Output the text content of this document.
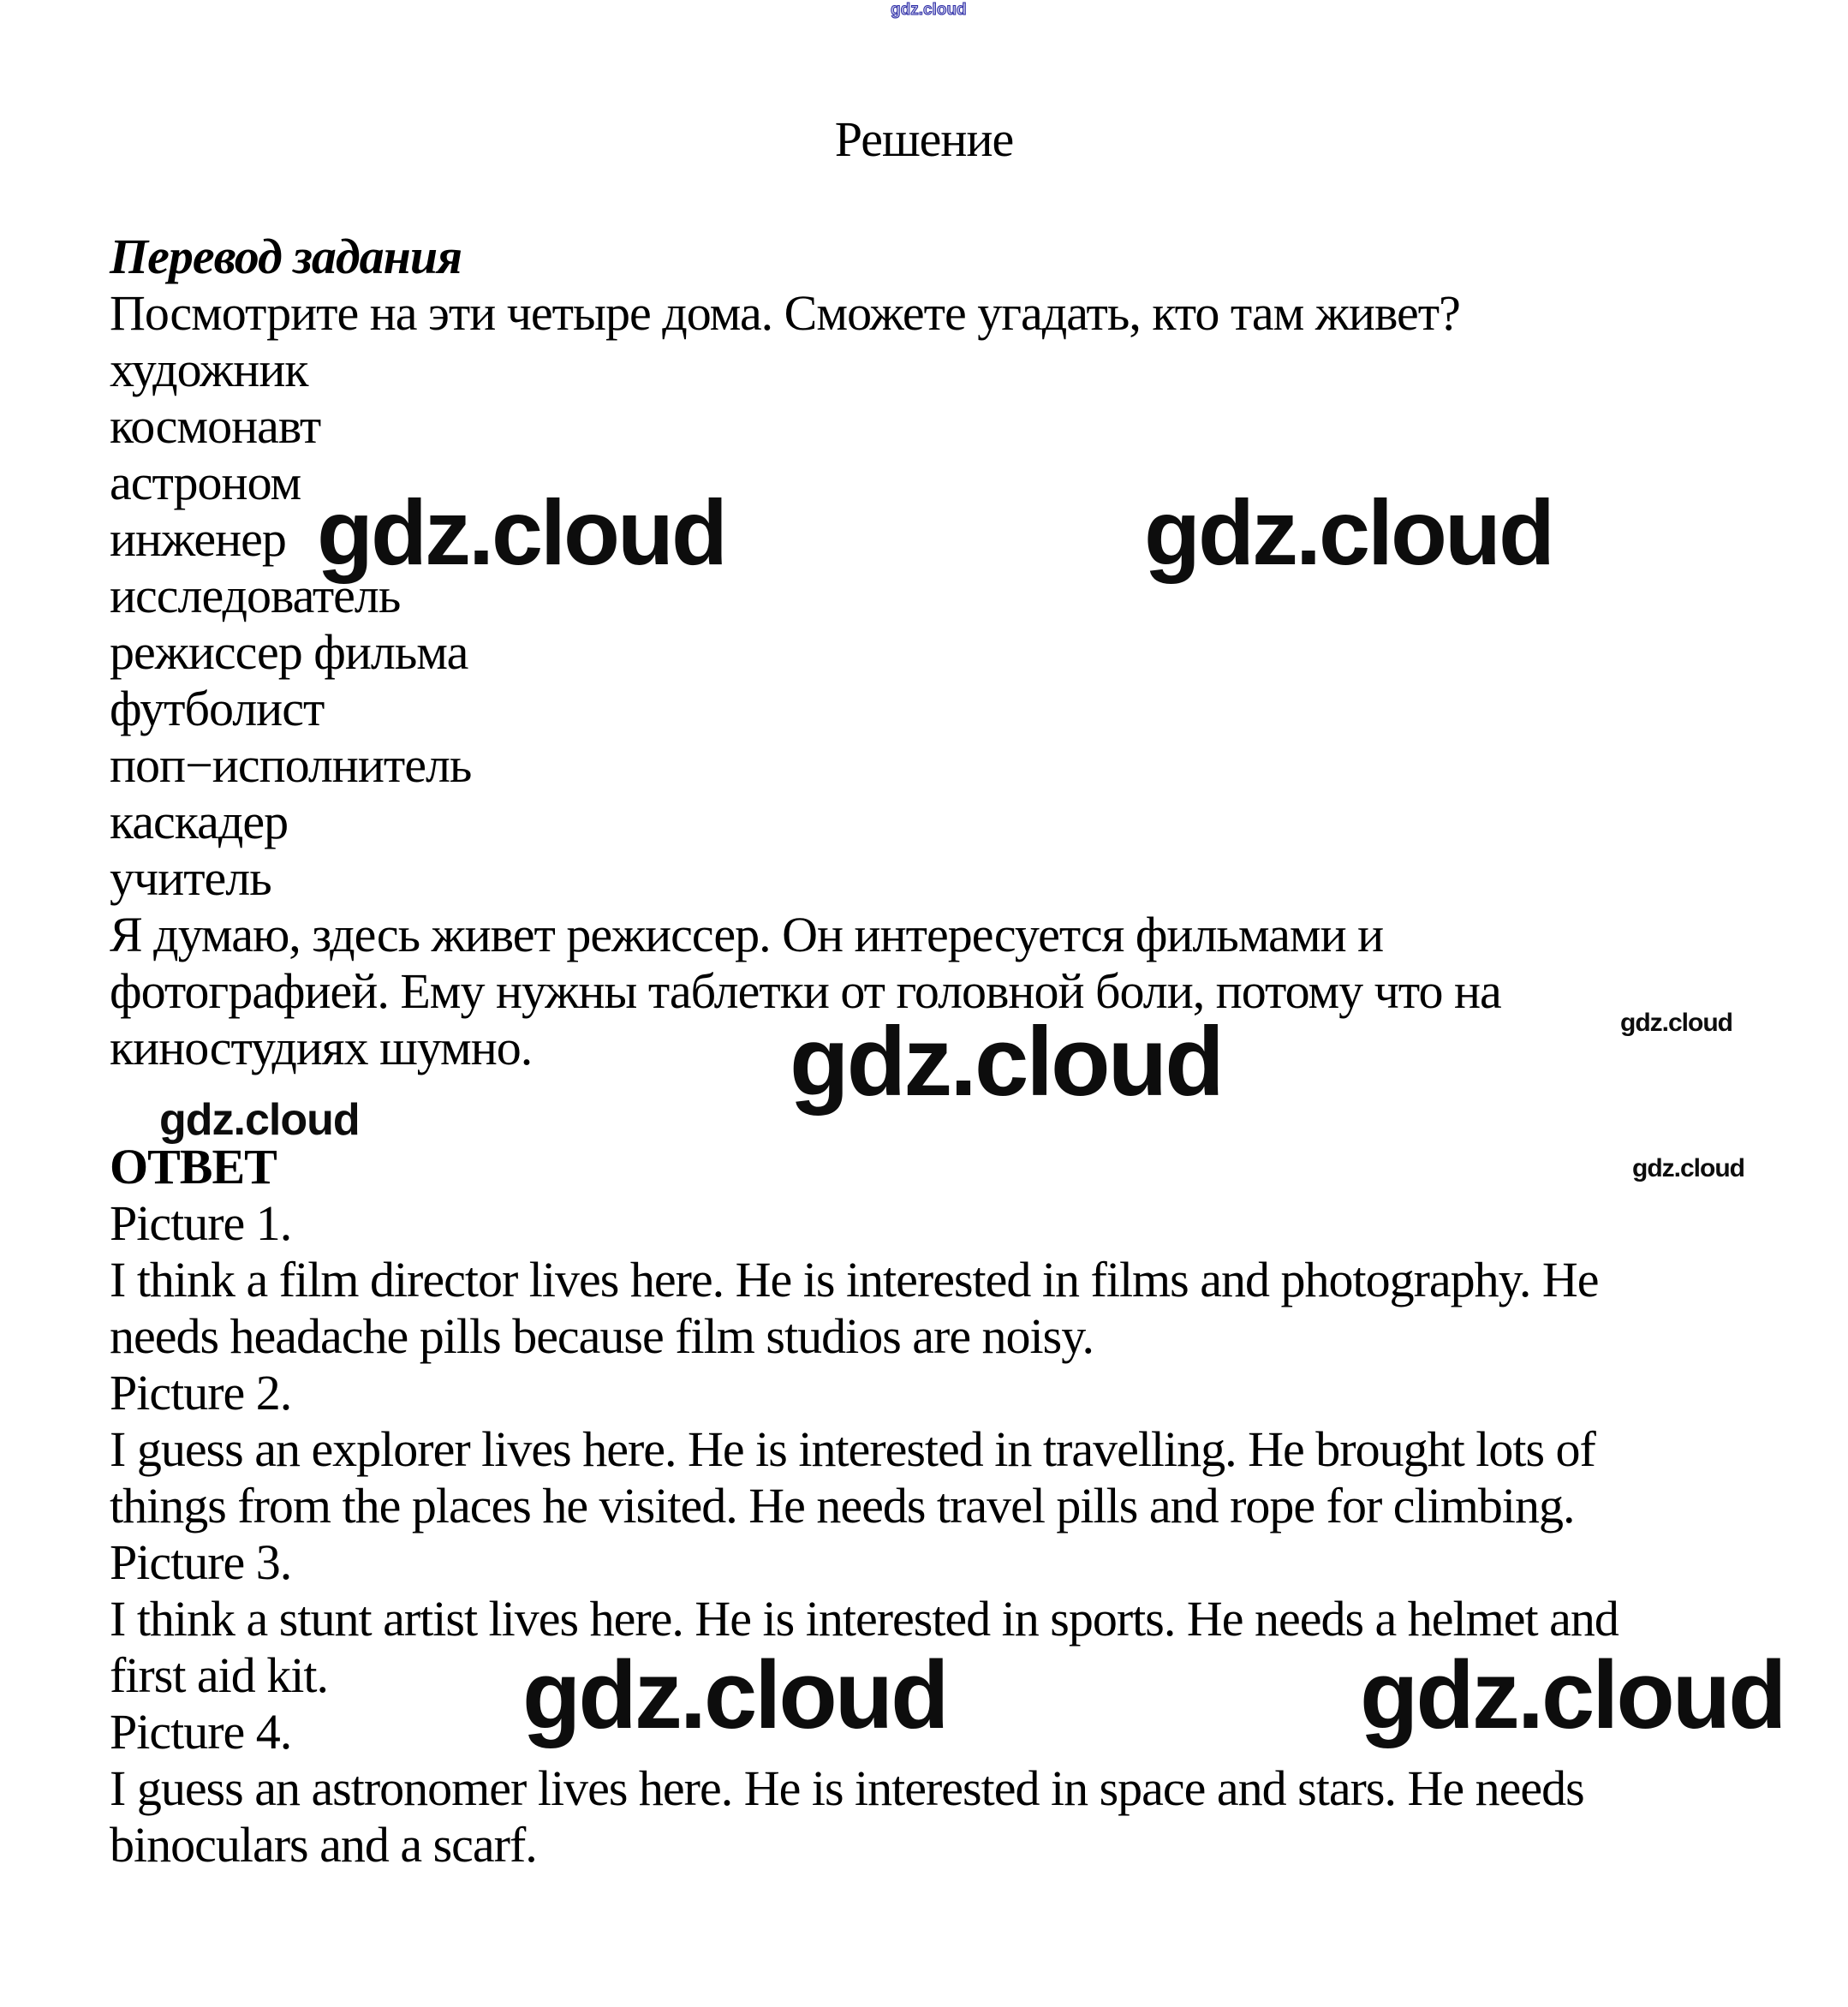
gdz.cloud
gdz.cloud	gdz.cloud
gdz.cloud	gdz.cloud
gdz.cloud
gdz.cloud
gdz.cloud	gdz.cloud
Решение
Перевод задания
Посмотрите на эти четыре дома. Сможете угадать, кто там живет?
художник
космонавт
астроном
инженер
исследователь
режиссер фильма
футболист
поп−исполнитель
каскадер
учитель
Я думаю, здесь живет режиссер. Он интересуется фильмами и
фотографией. Ему нужны таблетки от головной боли, потому что на
киностудиях шумно.
ОТВЕТ
Picture 1.
I think a film director lives here. He is interested in films and photography. He
needs headache pills because film studios are noisy.
Picture 2.
I guess an explorer lives here. He is interested in travelling. He brought lots of
things from the places he visited. He needs travel pills and rope for climbing.
Picture 3.
I think a stunt artist lives here. He is interested in sports. He needs a helmet and
first aid kit.
Picture 4.
I guess an astronomer lives here. He is interested in space and stars. He needs
binoculars and a scarf.
